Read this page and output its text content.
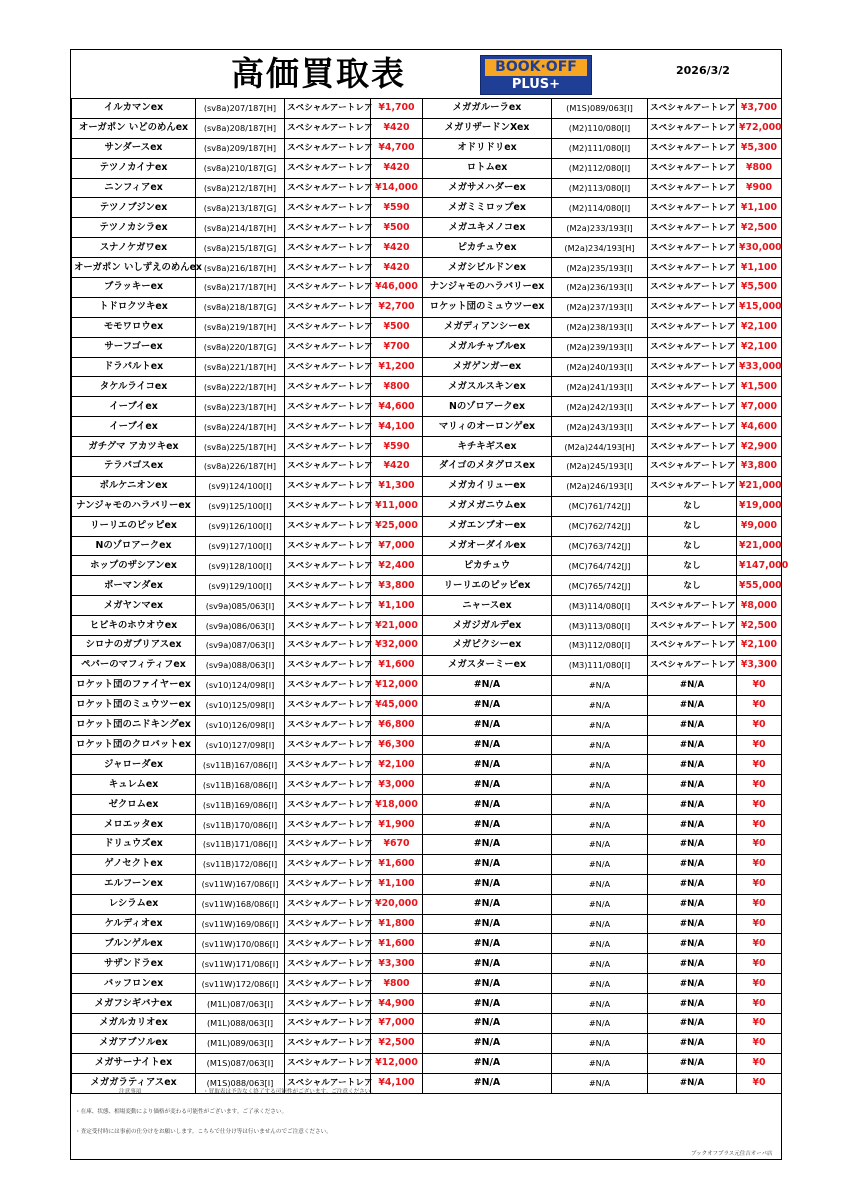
高価買取表	BOOK·OFF
PLUS+
2026/3/2
イルカマンex	(sv8a)207/187[H]	スペシャルアートレア	¥1,700	メガガルーラex	(M1S)089/063[I]	スペシャルアートレア	¥3,700
オーガポン いどのめんex	(sv8a)208/187[H]	スペシャルアートレア	¥420	メガリザードンXex	(M2)110/080[I]	スペシャルアートレア	¥72,000
サンダースex	(sv8a)209/187[H]	スペシャルアートレア	¥4,700	オドリドリex	(M2)111/080[I]	スペシャルアートレア	¥5,300
テツノカイナex	(sv8a)210/187[G]	スペシャルアートレア	¥420	ロトムex	(M2)112/080[I]	スペシャルアートレア	¥800
ニンフィアex	(sv8a)212/187[H]	スペシャルアートレア	¥14,000	メガサメハダーex	(M2)113/080[I]	スペシャルアートレア	¥900
テツノブジンex	(sv8a)213/187[G]	スペシャルアートレア	¥590	メガミミロップex	(M2)114/080[I]	スペシャルアートレア	¥1,100
テツノカシラex	(sv8a)214/187[H]	スペシャルアートレア	¥500	メガユキメノコex	(M2a)233/193[I]	スペシャルアートレア	¥2,500
スナノケガワex	(sv8a)215/187[G]	スペシャルアートレア	¥420	ピカチュウex	(M2a)234/193[H]	スペシャルアートレア	¥30,000
オーガポン いしずえのめんex	(sv8a)216/187[H]	スペシャルアートレア	¥420	メガシビルドンex	(M2a)235/193[I]	スペシャルアートレア	¥1,100
ブラッキーex	(sv8a)217/187[H]	スペシャルアートレア	¥46,000	ナンジャモのハラバリーex	(M2a)236/193[I]	スペシャルアートレア	¥5,500
トドロクツキex	(sv8a)218/187[G]	スペシャルアートレア	¥2,700	ロケット団のミュウツーex	(M2a)237/193[I]	スペシャルアートレア	¥15,000
モモワロウex	(sv8a)219/187[H]	スペシャルアートレア	¥500	メガディアンシーex	(M2a)238/193[I]	スペシャルアートレア	¥2,100
サーフゴーex	(sv8a)220/187[G]	スペシャルアートレア	¥700	メガルチャブルex	(M2a)239/193[I]	スペシャルアートレア	¥2,100
ドラパルトex	(sv8a)221/187[H]	スペシャルアートレア	¥1,200	メガゲンガーex	(M2a)240/193[I]	スペシャルアートレア	¥33,000
タケルライコex	(sv8a)222/187[H]	スペシャルアートレア	¥800	メガスルスキンex	(M2a)241/193[I]	スペシャルアートレア	¥1,500
イーブイex	(sv8a)223/187[H]	スペシャルアートレア	¥4,600	Nのゾロアークex	(M2a)242/193[I]	スペシャルアートレア	¥7,000
イーブイex	(sv8a)224/187[H]	スペシャルアートレア	¥4,100	マリィのオーロンゲex	(M2a)243/193[I]	スペシャルアートレア	¥4,600
ガチグマ アカツキex	(sv8a)225/187[H]	スペシャルアートレア	¥590	キチキギスex	(M2a)244/193[H]	スペシャルアートレア	¥2,900
テラパゴスex	(sv8a)226/187[H]	スペシャルアートレア	¥420	ダイゴのメタグロスex	(M2a)245/193[I]	スペシャルアートレア	¥3,800
ボルケニオンex	(sv9)124/100[I]	スペシャルアートレア	¥1,300	メガカイリューex	(M2a)246/193[I]	スペシャルアートレア	¥21,000
ナンジャモのハラバリーex	(sv9)125/100[I]	スペシャルアートレア	¥11,000	メガメガニウムex	(MC)761/742[J]	なし	¥19,000
リーリエのピッピex	(sv9)126/100[I]	スペシャルアートレア	¥25,000	メガエンブオーex	(MC)762/742[J]	なし	¥9,000
Nのゾロアークex	(sv9)127/100[I]	スペシャルアートレア	¥7,000	メガオーダイルex	(MC)763/742[J]	なし	¥21,000
ホップのザシアンex	(sv9)128/100[I]	スペシャルアートレア	¥2,400	ピカチュウ	(MC)764/742[J]	なし	¥147,000
ボーマンダex	(sv9)129/100[I]	スペシャルアートレア	¥3,800	リーリエのピッピex	(MC)765/742[J]	なし	¥55,000
メガヤンマex	(sv9a)085/063[I]	スペシャルアートレア	¥1,100	ニャースex	(M3)114/080[I]	スペシャルアートレア	¥8,000
ヒビキのホウオウex	(sv9a)086/063[I]	スペシャルアートレア	¥21,000	メガジガルデex	(M3)113/080[I]	スペシャルアートレア	¥2,500
シロナのガブリアスex	(sv9a)087/063[I]	スペシャルアートレア	¥32,000	メガピクシーex	(M3)112/080[I]	スペシャルアートレア	¥2,100
ペパーのマフィティフex	(sv9a)088/063[I]	スペシャルアートレア	¥1,600	メガスターミーex	(M3)111/080[I]	スペシャルアートレア	¥3,300
ロケット団のファイヤーex	(sv10)124/098[I]	スペシャルアートレア	¥12,000	#N/A	#N/A	#N/A	¥0
ロケット団のミュウツーex	(sv10)125/098[I]	スペシャルアートレア	¥45,000	#N/A	#N/A	#N/A	¥0
ロケット団のニドキングex	(sv10)126/098[I]	スペシャルアートレア	¥6,800	#N/A	#N/A	#N/A	¥0
ロケット団のクロバットex	(sv10)127/098[I]	スペシャルアートレア	¥6,300	#N/A	#N/A	#N/A	¥0
ジャローダex	(sv11B)167/086[I]	スペシャルアートレア	¥2,100	#N/A	#N/A	#N/A	¥0
キュレムex	(sv11B)168/086[I]	スペシャルアートレア	¥3,000	#N/A	#N/A	#N/A	¥0
ゼクロムex	(sv11B)169/086[I]	スペシャルアートレア	¥18,000	#N/A	#N/A	#N/A	¥0
メロエッタex	(sv11B)170/086[I]	スペシャルアートレア	¥1,900	#N/A	#N/A	#N/A	¥0
ドリュウズex	(sv11B)171/086[I]	スペシャルアートレア	¥670	#N/A	#N/A	#N/A	¥0
ゲノセクトex	(sv11B)172/086[I]	スペシャルアートレア	¥1,600	#N/A	#N/A	#N/A	¥0
エルフーンex	(sv11W)167/086[I]	スペシャルアートレア	¥1,100	#N/A	#N/A	#N/A	¥0
レシラムex	(sv11W)168/086[I]	スペシャルアートレア	¥20,000	#N/A	#N/A	#N/A	¥0
ケルディオex	(sv11W)169/086[I]	スペシャルアートレア	¥1,800	#N/A	#N/A	#N/A	¥0
ブルンゲルex	(sv11W)170/086[I]	スペシャルアートレア	¥1,600	#N/A	#N/A	#N/A	¥0
サザンドラex	(sv11W)171/086[I]	スペシャルアートレア	¥3,300	#N/A	#N/A	#N/A	¥0
バッフロンex	(sv11W)172/086[I]	スペシャルアートレア	¥800	#N/A	#N/A	#N/A	¥0
メガフシギバナex	(M1L)087/063[I]	スペシャルアートレア	¥4,900	#N/A	#N/A	#N/A	¥0
メガルカリオex	(M1L)088/063[I]	スペシャルアートレア	¥7,000	#N/A	#N/A	#N/A	¥0
メガアブソルex	(M1L)089/063[I]	スペシャルアートレア	¥2,500	#N/A	#N/A	#N/A	¥0
メガサーナイトex	(M1S)087/063[I]	スペシャルアートレア	¥12,000	#N/A	#N/A	#N/A	¥0
メガガラティアスex	(M1S)088/063[I]	スペシャルアートレア	¥4,100	#N/A	#N/A	#N/A	¥0
注意事項	・買取表は予告なく終了する可能性がございます。ご注意ください。
・在庫、状態、相場変動により価格が変わる可能性がございます。ご了承ください。
・査定受付時には事前の仕分けをお願いします。こちらで仕分け等は行いませんのでご注意ください。
ブックオフプラス元住吉オーバ店
